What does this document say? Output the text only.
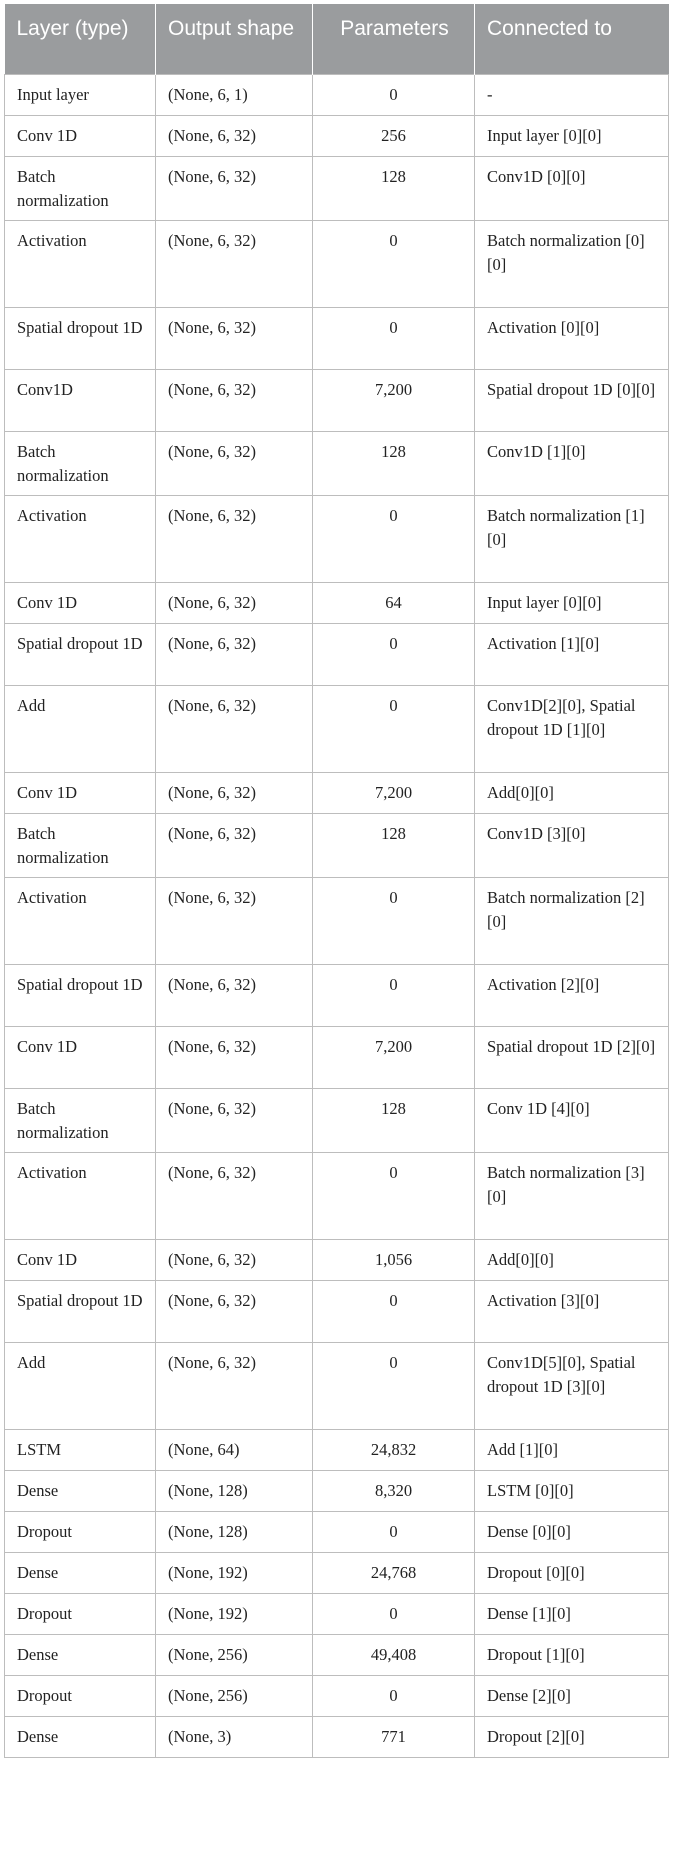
Layer (type)	Output shape	Parameters	Connected to
Input layer	(None, 6, 1)	0	-
Conv 1D	(None, 6, 32)	256	Input layer [0][0]
Batch normalization	(None, 6, 32)	128	Conv1D [0][0]
Activation	(None, 6, 32)	0	Batch normalization [0][0]
Spatial dropout 1D	(None, 6, 32)	0	Activation [0][0]
Conv1D	(None, 6, 32)	7,200	Spatial dropout 1D [0][0]
Batch normalization	(None, 6, 32)	128	Conv1D [1][0]
Activation	(None, 6, 32)	0	Batch normalization [1][0]
Conv 1D	(None, 6, 32)	64	Input layer [0][0]
Spatial dropout 1D	(None, 6, 32)	0	Activation [1][0]
Add	(None, 6, 32)	0	Conv1D[2][0], Spatial dropout 1D [1][0]
Conv 1D	(None, 6, 32)	7,200	Add[0][0]
Batch normalization	(None, 6, 32)	128	Conv1D [3][0]
Activation	(None, 6, 32)	0	Batch normalization [2][0]
Spatial dropout 1D	(None, 6, 32)	0	Activation [2][0]
Conv 1D	(None, 6, 32)	7,200	Spatial dropout 1D [2][0]
Batch normalization	(None, 6, 32)	128	Conv 1D [4][0]
Activation	(None, 6, 32)	0	Batch normalization [3][0]
Conv 1D	(None, 6, 32)	1,056	Add[0][0]
Spatial dropout 1D	(None, 6, 32)	0	Activation [3][0]
Add	(None, 6, 32)	0	Conv1D[5][0], Spatial dropout 1D [3][0]
LSTM	(None, 64)	24,832	Add [1][0]
Dense	(None, 128)	8,320	LSTM [0][0]
Dropout	(None, 128)	0	Dense [0][0]
Dense	(None, 192)	24,768	Dropout [0][0]
Dropout	(None, 192)	0	Dense [1][0]
Dense	(None, 256)	49,408	Dropout [1][0]
Dropout	(None, 256)	0	Dense [2][0]
Dense	(None, 3)	771	Dropout [2][0]
